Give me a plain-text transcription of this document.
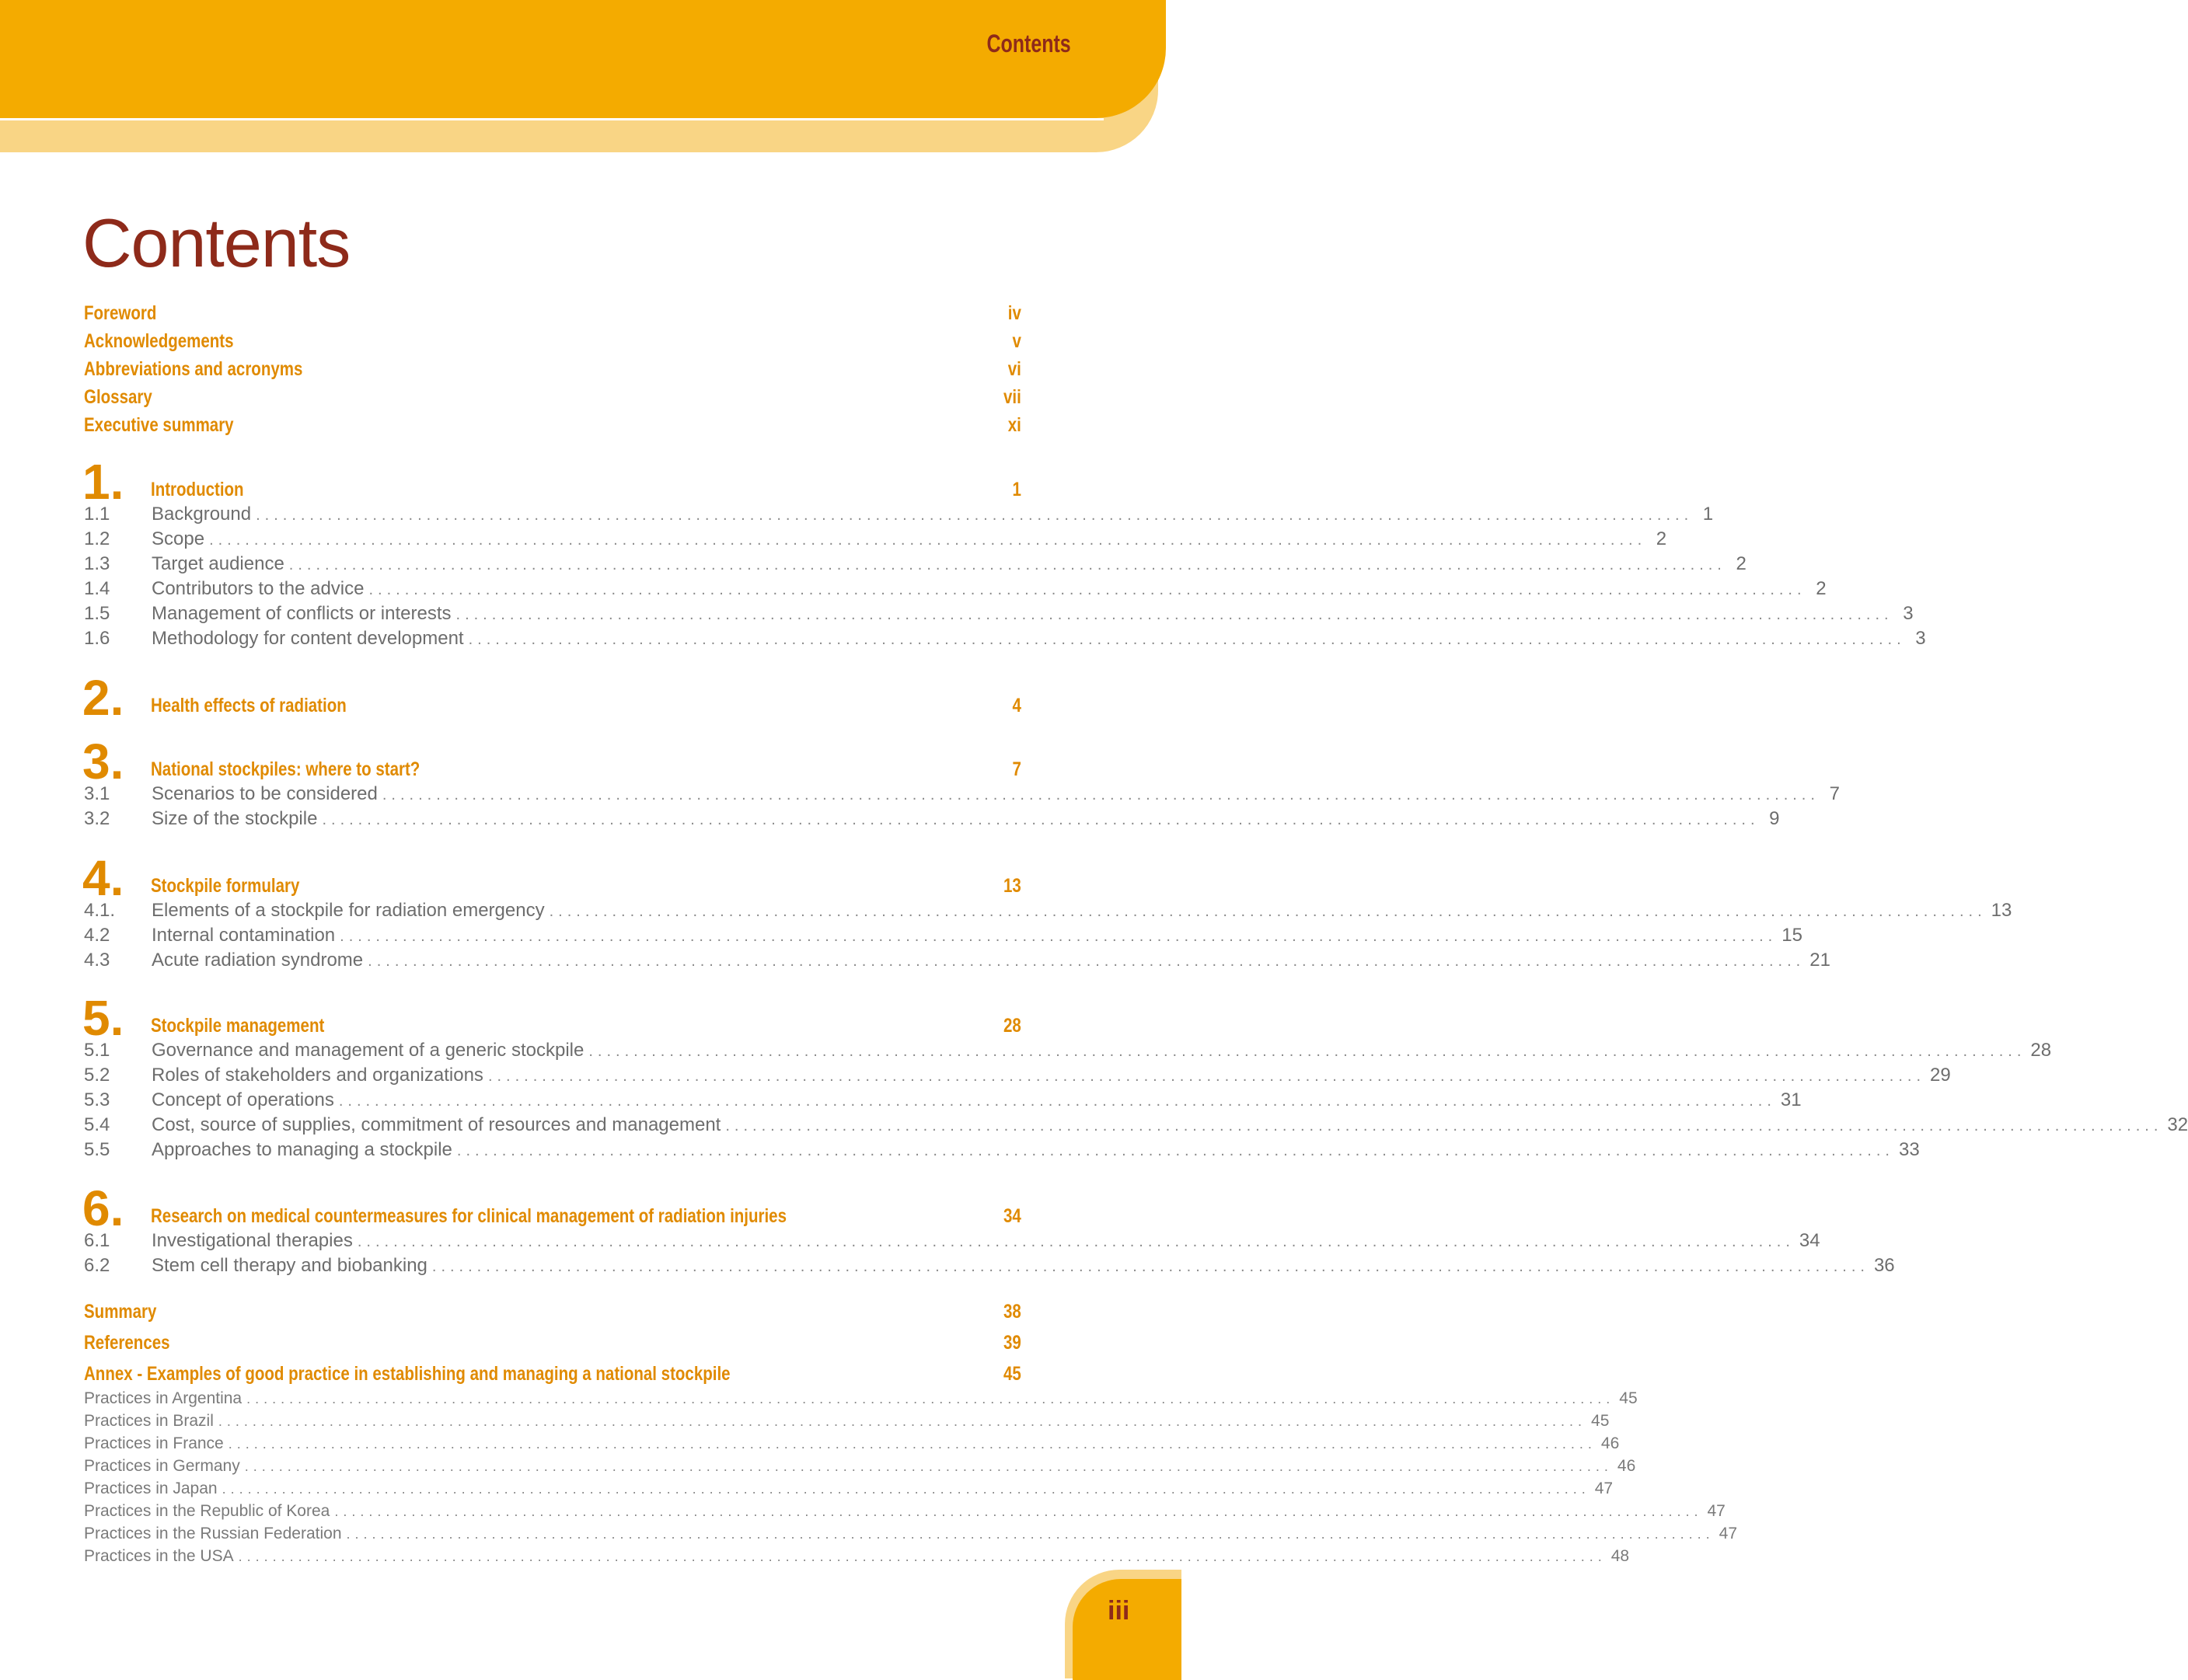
Contents
Contents
Foreword	iv
Acknowledgements	v
Abbreviations and acronyms	vi
Glossary	vii
Executive summary	xi
1. Introduction	1
1.1	Background ................................................................................................................................................................ 1
1.2	Scope ................................................................................................................................................................ 2
1.3	Target audience ................................................................................................................................................................ 2
1.4	Contributors to the advice ................................................................................................................................................................ 2
1.5	Management of conflicts or interests ................................................................................................................................................................ 3
1.6	Methodology for content development ................................................................................................................................................................ 3
2. Health effects of radiation	4
3. National stockpiles: where to start?	7
3.1	Scenarios to be considered ................................................................................................................................................................ 7
3.2	Size of the stockpile ................................................................................................................................................................ 9
4. Stockpile formulary	13
4.1.	Elements of a stockpile for radiation emergency ................................................................................................................................................................ 13
4.2	Internal contamination ................................................................................................................................................................ 15
4.3	Acute radiation syndrome ................................................................................................................................................................ 21
5. Stockpile management	28
5.1	Governance and management of a generic stockpile ................................................................................................................................................................ 28
5.2	Roles of stakeholders and organizations ................................................................................................................................................................ 29
5.3	Concept of operations ................................................................................................................................................................ 31
5.4	Cost, source of supplies, commitment of resources and management ................................................................................................................................................................ 32
5.5	Approaches to managing a stockpile ................................................................................................................................................................ 33
6. Research on medical countermeasures for clinical management of radiation injuries	34
6.1	Investigational therapies ................................................................................................................................................................ 34
6.2	Stem cell therapy and biobanking ................................................................................................................................................................ 36
Summary	38
References	39
Annex - Examples of good practice in establishing and managing a national stockpile	45
Practices in Argentina ................................................................................................................................................................ 45
Practices in Brazil ................................................................................................................................................................ 45
Practices in France ................................................................................................................................................................ 46
Practices in Germany ................................................................................................................................................................ 46
Practices in Japan ................................................................................................................................................................ 47
Practices in the Republic of Korea ................................................................................................................................................................ 47
Practices in the Russian Federation ................................................................................................................................................................ 47
Practices in the USA ................................................................................................................................................................ 48
iii
